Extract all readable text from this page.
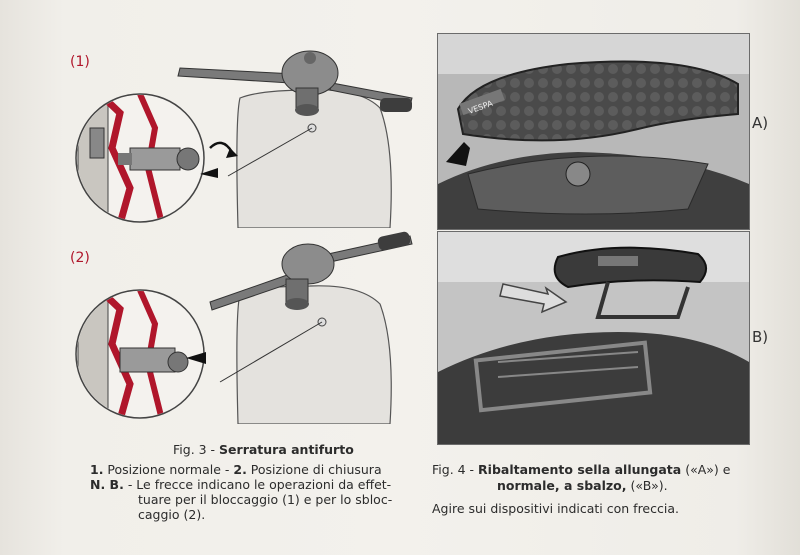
(1)
(2)
VESPA
A)
B)
Fig. 3 - Serratura antifurto
1. Posizione normale - 2. Posizione di chiusura
N. B. - Le frecce indicano le operazioni da effet-
tuare per il bloccaggio (1) e per lo sbloc-
caggio (2).
Fig. 4 - Ribaltamento sella allungata («A») e
normale, a sbalzo, («B»).
Agire sui dispositivi indicati con freccia.
